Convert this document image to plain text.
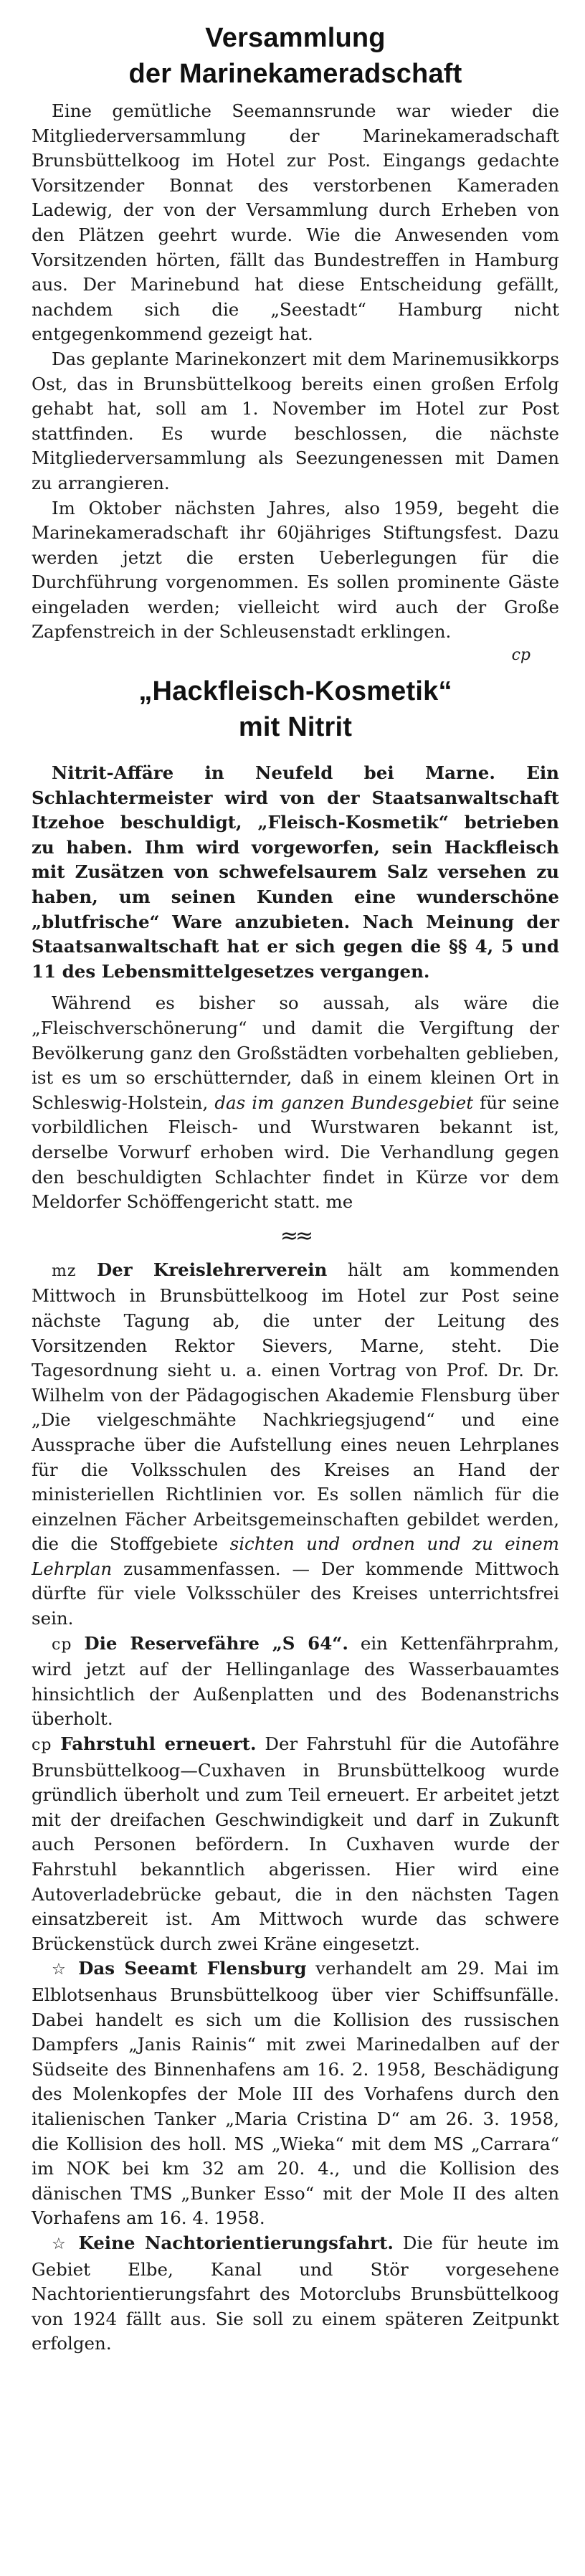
Versammlung
der Marinekameradschaft

Eine gemütliche Seemannsrunde war wieder die Mitgliederversammlung der Marinekameradschaft Brunsbüttelkoog im Hotel zur Post. Eingangs gedachte Vorsitzender Bonnat des verstorbenen Kameraden Ladewig, der von der Versammlung durch Erheben von den Plätzen geehrt wurde. Wie die Anwesenden vom Vorsitzenden hörten, fällt das Bundestreffen in Hamburg aus. Der Marinebund hat diese Entscheidung gefällt, nachdem sich die „Seestadt“ Hamburg nicht entgegenkommend gezeigt hat.

Das geplante Marinekonzert mit dem Marinemusikkorps Ost, das in Brunsbüttelkoog bereits einen großen Erfolg gehabt hat, soll am 1. November im Hotel zur Post stattfinden. Es wurde beschlossen, die nächste Mitgliederversammlung als Seezungenessen mit Damen zu arrangieren.

Im Oktober nächsten Jahres, also 1959, begeht die Marinekameradschaft ihr 60jähriges Stiftungsfest. Dazu werden jetzt die ersten Ueberlegungen für die Durchführung vorgenommen. Es sollen prominente Gäste eingeladen werden; vielleicht wird auch der Große Zapfenstreich in der Schleusenstadt erklingen.

cp
„Hackfleisch-Kosmetik“
mit Nitrit

Nitrit-Affäre in Neufeld bei Marne. Ein Schlachtermeister wird von der Staatsanwaltschaft Itzehoe beschuldigt, „Fleisch-Kosmetik“ betrieben zu haben. Ihm wird vorgeworfen, sein Hackfleisch mit Zusätzen von schwefelsaurem Salz versehen zu haben, um seinen Kunden eine wunderschöne „blutfrische“ Ware anzubieten. Nach Meinung der Staatsanwaltschaft hat er sich gegen die §§ 4, 5 und 11 des Lebensmittelgesetzes vergangen.

Während es bisher so aussah, als wäre die „Fleischverschönerung“ und damit die Vergiftung der Bevölkerung ganz den Großstädten vorbehalten geblieben, ist es um so erschütternder, daß in einem kleinen Ort in Schleswig-Holstein, das im ganzen Bundesgebiet für seine vorbildlichen Fleisch- und Wurstwaren bekannt ist, derselbe Vorwurf erhoben wird. Die Verhandlung gegen den beschuldigten Schlachter findet in Kürze vor dem Meldorfer Schöffengericht statt. me

≈≈

mz Der Kreislehrerverein hält am kommenden Mittwoch in Brunsbüttelkoog im Hotel zur Post seine nächste Tagung ab, die unter der Leitung des Vorsitzenden Rektor Sievers, Marne, steht. Die Tagesordnung sieht u. a. einen Vortrag von Prof. Dr. Dr. Wilhelm von der Pädagogischen Akademie Flensburg über „Die vielgeschmähte Nachkriegsjugend“ und eine Aussprache über die Aufstellung eines neuen Lehrplanes für die Volksschulen des Kreises an Hand der ministeriellen Richtlinien vor. Es sollen nämlich für die einzelnen Fächer Arbeitsgemeinschaften gebildet werden, die die Stoffgebiete sichten und ordnen und zu einem Lehrplan zusammenfassen. — Der kommende Mittwoch dürfte für viele Volksschüler des Kreises unterrichtsfrei sein.

cp Die Reservefähre „S 64“. ein Kettenfährprahm, wird jetzt auf der Hellinganlage des Wasserbauamtes hinsichtlich der Außenplatten und des Bodenanstrichs überholt.

cp Fahrstuhl erneuert. Der Fahrstuhl für die Autofähre Brunsbüttelkoog—Cuxhaven in Brunsbüttelkoog wurde gründlich überholt und zum Teil erneuert. Er arbeitet jetzt mit der dreifachen Geschwindigkeit und darf in Zukunft auch Personen befördern. In Cuxhaven wurde der Fahrstuhl bekanntlich abgerissen. Hier wird eine Autoverladebrücke gebaut, die in den nächsten Tagen einsatzbereit ist. Am Mittwoch wurde das schwere Brückenstück durch zwei Kräne eingesetzt.

☆ Das Seeamt Flensburg verhandelt am 29. Mai im Elblotsenhaus Brunsbüttelkoog über vier Schiffsunfälle. Dabei handelt es sich um die Kollision des russischen Dampfers „Janis Rainis“ mit zwei Marinedalben auf der Südseite des Binnenhafens am 16. 2. 1958, Beschädigung des Molenkopfes der Mole III des Vorhafens durch den italienischen Tanker „Maria Cristina D“ am 26. 3. 1958, die Kollision des holl. MS „Wieka“ mit dem MS „Carrara“ im NOK bei km 32 am 20. 4., und die Kollision des dänischen TMS „Bunker Esso“ mit der Mole II des alten Vorhafens am 16. 4. 1958.

☆ Keine Nachtorientierungsfahrt. Die für heute im Gebiet Elbe, Kanal und Stör vorgesehene Nachtorientierungsfahrt des Motorclubs Brunsbüttelkoog von 1924 fällt aus. Sie soll zu einem späteren Zeitpunkt erfolgen.
